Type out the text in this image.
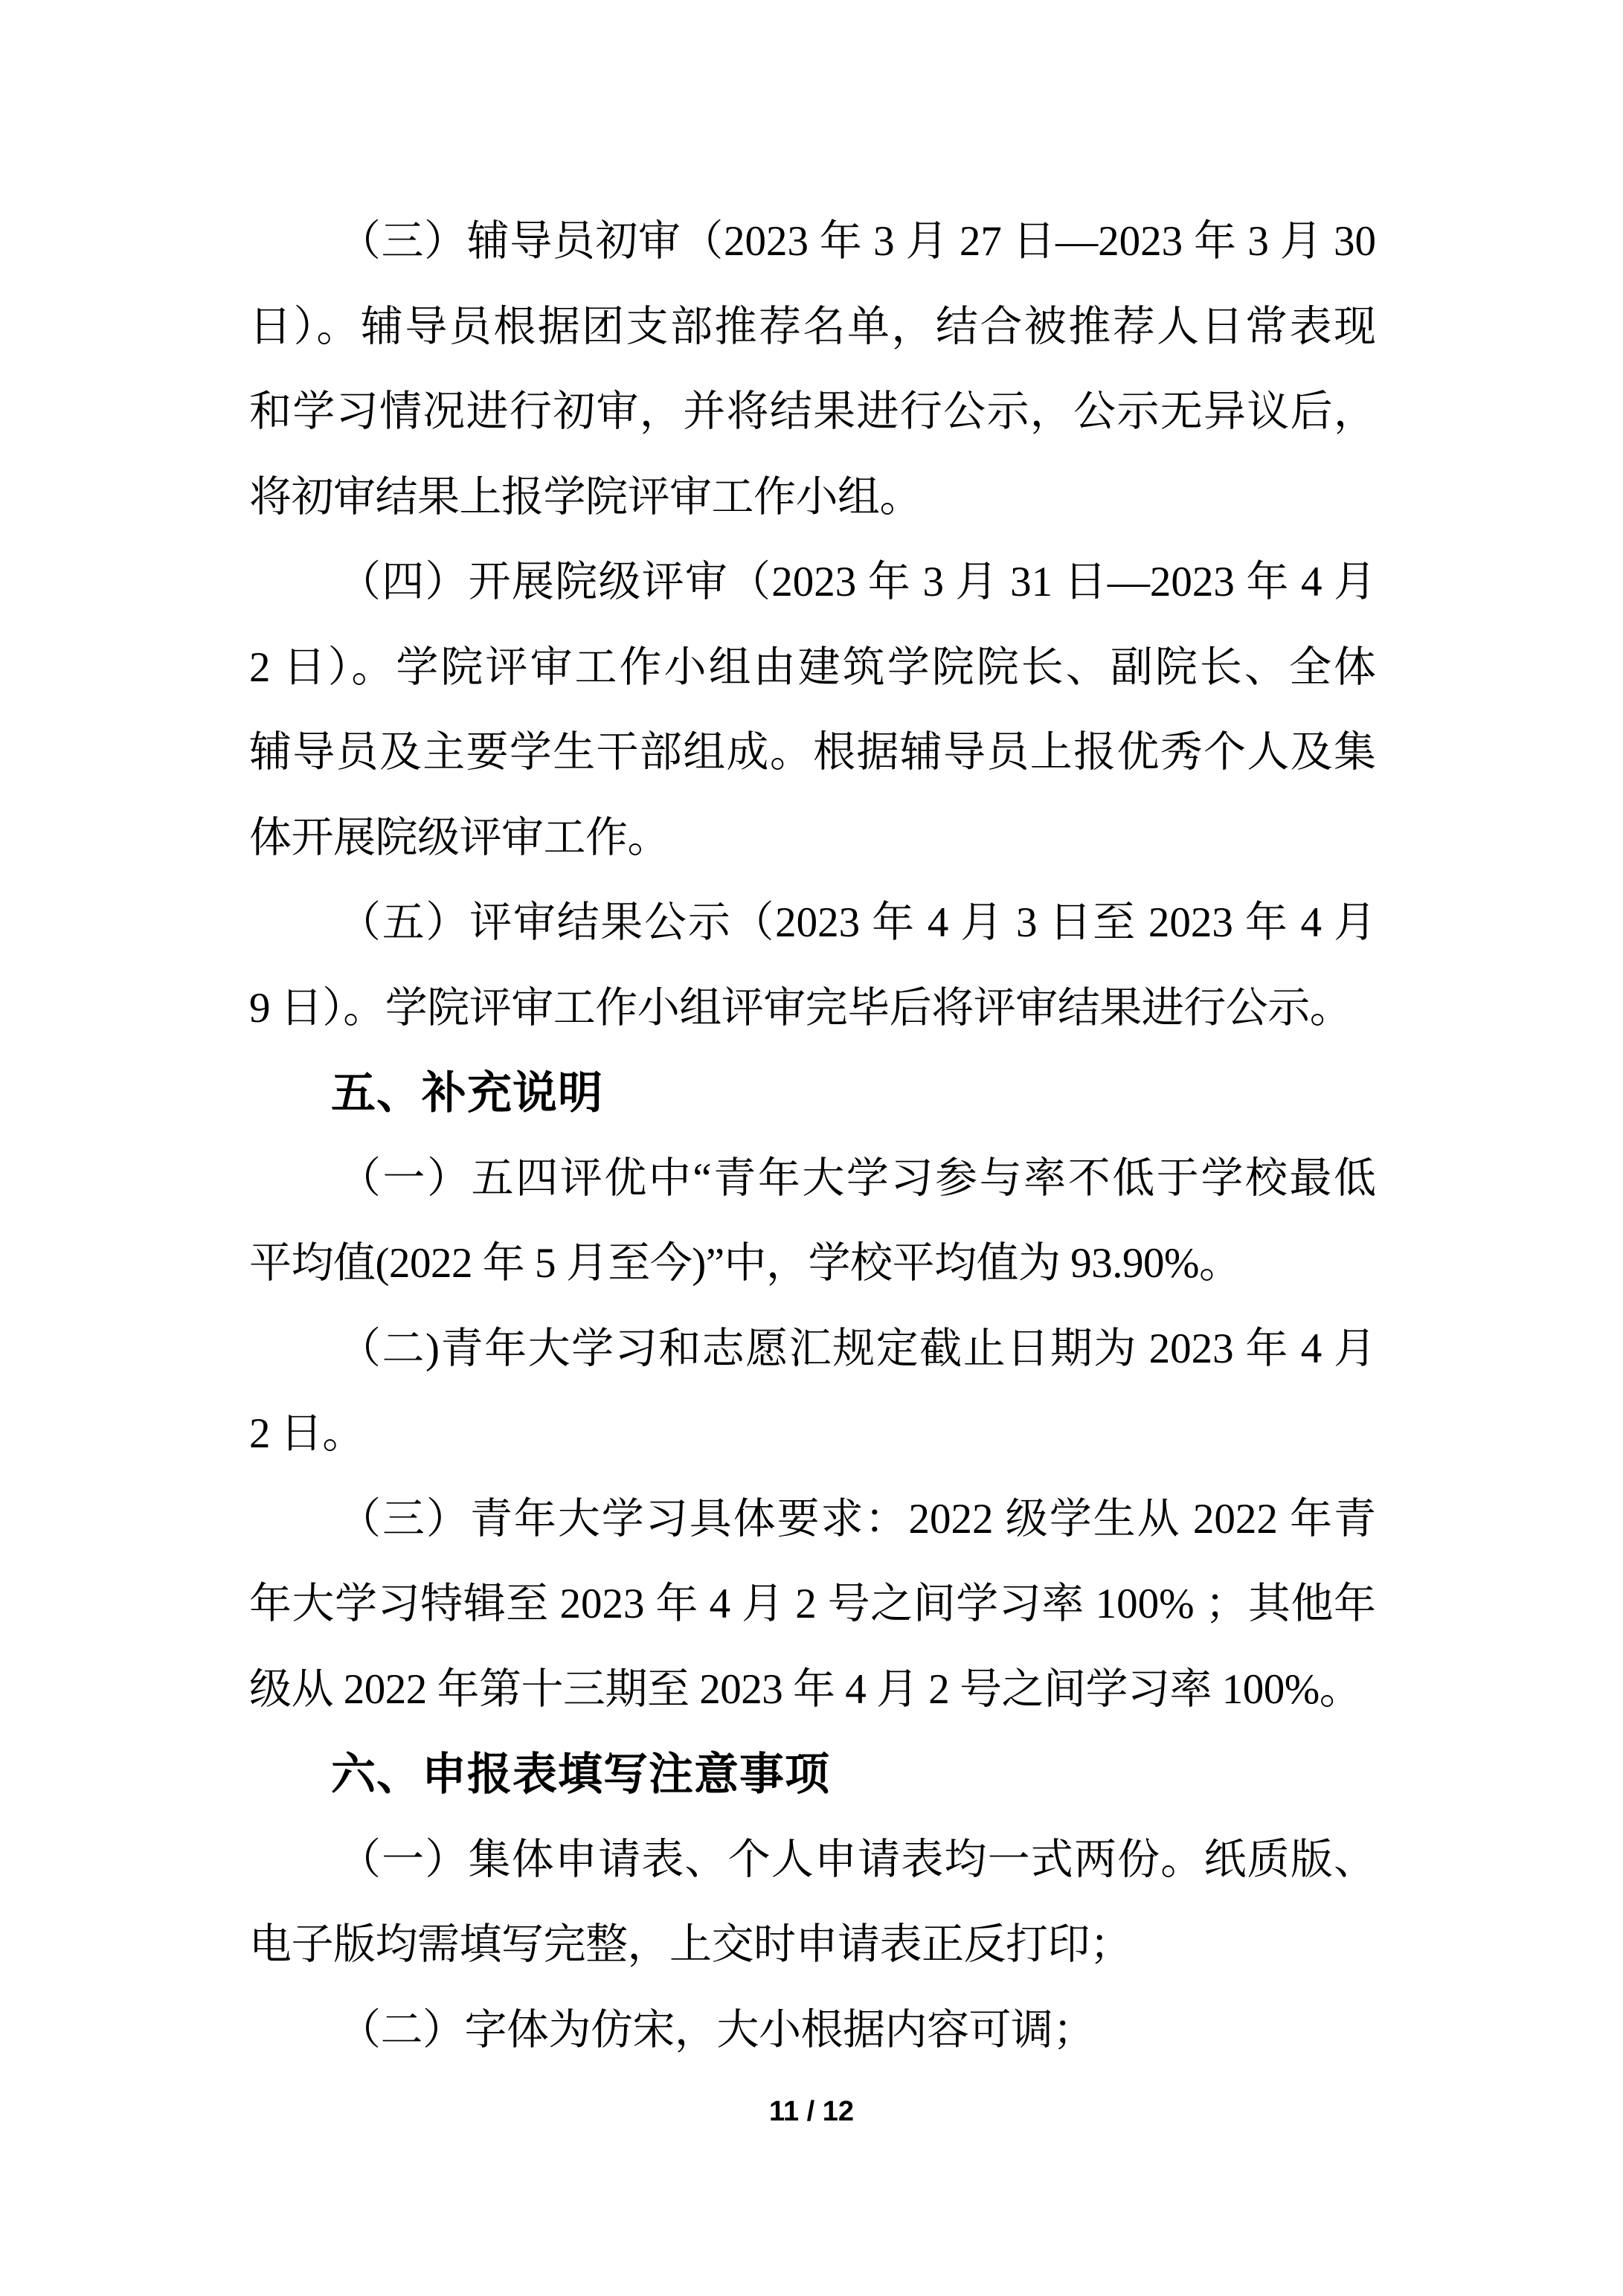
（三）辅导员初审（2023 年 3 月 27 日—2023 年 3 月 30
日）。辅导员根据团支部推荐名单，结合被推荐人日常表现
和学习情况进行初审，并将结果进行公示，公示无异议后，
将初审结果上报学院评审工作小组。
（四）开展院级评审（2023 年 3 月 31 日—2023 年 4 月
2 日）。学院评审工作小组由建筑学院院长、副院长、全体
辅导员及主要学生干部组成。根据辅导员上报优秀个人及集
体开展院级评审工作。
（五）评审结果公示（2023 年 4 月 3 日至 2023 年 4 月
9 日）。学院评审工作小组评审完毕后将评审结果进行公示。
五、补充说明
（一）五四评优中“青年大学习参与率不低于学校最低
平均值(2022 年 5 月至今)”中，学校平均值为 93.90%。
（二)青年大学习和志愿汇规定截止日期为 2023 年 4 月
2 日。
（三）青年大学习具体要求：2022 级学生从 2022 年青
年大学习特辑至 2023 年 4 月 2 号之间学习率 100% ；其他年
级从 2022 年第十三期至 2023 年 4 月 2 号之间学习率 100%。
六、申报表填写注意事项
（一）集体申请表、个人申请表均一式两份。纸质版、
电子版均需填写完整，上交时申请表正反打印；
（二）字体为仿宋，大小根据内容可调；
11 / 12
